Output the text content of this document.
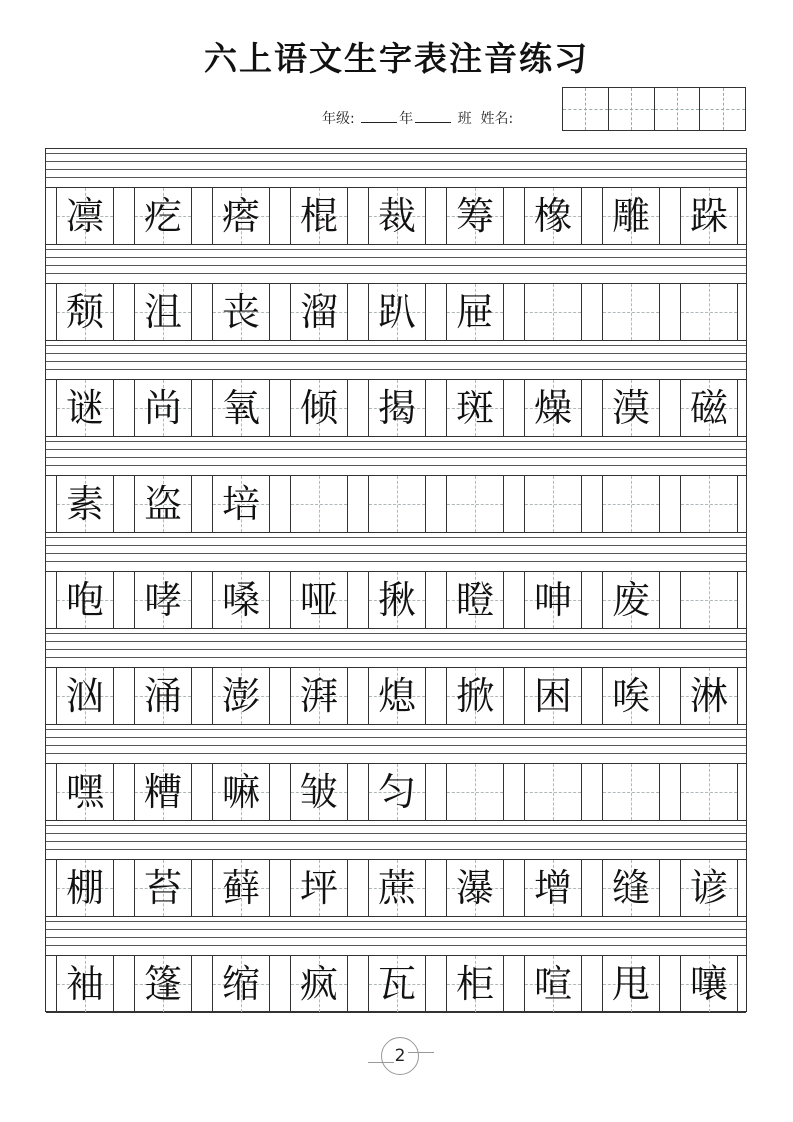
六上语文生字表注音练习
年级:	年	班 姓名:
凛 疙 瘩 棍 裁 筹 橡 雕 跺
颓 沮 丧 溜 趴 屉
谜 尚 氧 倾 揭 斑 燥 漠 磁
素 盗 培
咆 哮 嗓 哑 揪 瞪 呻 废
汹 涌 澎 湃 熄 掀 困 唉 淋
嘿 糟 嘛 皱 匀
棚 苔 藓 坪 蔗 瀑 增 缝 谚
袖 篷 缩 疯 瓦 柜 喧 甩 嚷
2
